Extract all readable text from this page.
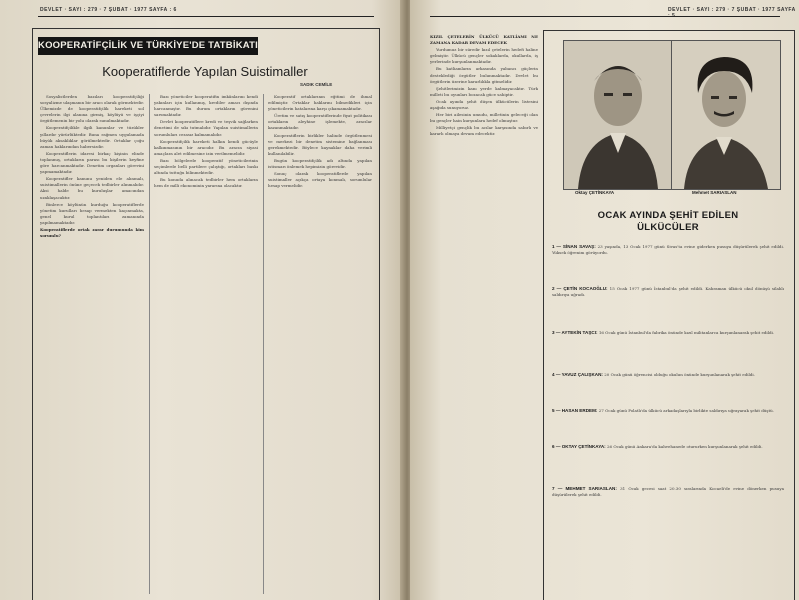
DEVLET · SAYI : 279 · 7 ŞUBAT · 1977 SAYFA : 6
KOOPERATİFÇİLİK VE TÜRKİYE'DE TATBİKATI
Kooperatiflerde Yapılan Suistimaller
SADIK CEMİLE

Sosyalistlerden bazıları kooperatifçiliği sosyalizme ulaşmanın bir aracı olarak görmektedir. Ülkemizde de kooperatifçilik hareketi sol çevrelerin ilgi alanına girmiş, köylüyü ve işçiyi örgütlemenin bir yolu olarak sunulmaktadır.

Kooperatifçilikle ilgili kanunlar ve tüzükler yıllardır yürürlüktedir. Buna rağmen uygulamada büyük aksaklıklar görülmektedir. Ortaklar çoğu zaman haklarından habersizdir.

Kooperatiflerin idaresi birkaç kişinin elinde toplanmış, ortakların parası bu kişilerin keyfine göre harcanmaktadır. Denetim organları görevini yapmamaktadır.

Kooperatifler kanunu yeniden ele alınmalı, suistimallerin önüne geçecek tedbirler alınmalıdır. Aksi halde bu kuruluşlar amacından uzaklaşacaktır.

Binlerce köylünün kurduğu kooperatiflerde yönetim kurulları hesap vermekten kaçınmakta, genel kurul toplantıları zamanında yapılmamaktadır.

Kooperatiflerde ortak zarar durumunda kim sorumlu?

Bazı yöneticiler kooperatifin imkânlarını kendi yakınları için kullanmış, krediler amacı dışında harcanmıştır. Bu durum ortakların güvenini sarsmaktadır.

Devlet kooperatiflere kredi ve teşvik sağlarken denetimi de sıkı tutmalıdır. Yapılan suistimallerin sorumluları cezasız kalmamalıdır.

Kooperatifçilik hareketi halkın kendi gücüyle kalkınmasının bir aracıdır. Bu aracın siyasi amaçlara alet edilmesine izin verilmemelidir.

Bazı bölgelerde kooperatif yöneticilerinin seçimlerde belli partilere çalıştığı, ortakları baskı altında tuttuğu bilinmektedir.

Bu konuda alınacak tedbirler hem ortakların hem de milli ekonominin yararına olacaktır.

Kooperatif ortaklarının eğitimi de ihmal edilmiştir. Ortaklar haklarını bilmedikleri için yöneticilerin hatalarına karşı çıkamamaktadır.

Üretim ve satış kooperatiflerinde fiyat politikası ortakların aleyhine işlemekte, aracılar kazanmaktadır.

Kooperatiflerin birlikler halinde örgütlenmesi ve merkezi bir denetim sistemine bağlanması gerekmektedir. Böylece kaynaklar daha verimli kullanılabilir.

Bugün kooperatifçilik adı altında yapılan istismarı önlemek hepimizin görevidir.

Sonuç olarak kooperatiflerde yapılan suistimaller açıkça ortaya konmalı, sorumlular hesap vermelidir.

DEVLET · SAYI : 279 · 7 ŞUBAT · 1977 SAYFA

KIZIL ÇETELERİN ÜLKÜCÜ KATLİAMI NE ZAMANA KADAR DEVAM EDECEK

Yurdumuz bir süredir kızıl çetelerin hedefi haline gelmiştir. Ülkücü gençler sokaklarda, okullarda, iş yerlerinde kurşunlanmaktadır.

Bu katliamların arkasında yabancı güçlerin desteklediği örgütler bulunmaktadır. Devlet bu örgütlerin üzerine kararlılıkla gitmelidir.

Şehitlerimizin kanı yerde kalmayacaktır. Türk milleti bu oyunları bozacak güce sahiptir.

Ocak ayında şehit düşen ülkücülerin listesini aşağıda sunuyoruz.

Her biri ailesinin umudu, milletinin geleceği olan bu gençler hain kurşunlara hedef olmuştur.

Milliyetçi gençlik bu acılar karşısında sabırlı ve kararlı olmaya devam edecektir.

Oktay ÇETİNKAYA	Mehmet SARIASLAN
OCAK AYINDA ŞEHİT EDİLEN
ÜLKÜCÜLER
1 — SİNAN SAVAŞ: 23 yaşında, 13 Ocak 1977 günü Sivas'ta evine giderken pusuya düşürülerek şehit edildi. Yüksek öğrenim görüyordu.
2 — ÇETİN KOCAOĞLU: 15 Ocak 1977 günü İstanbul'da şehit edildi. Kahraman ülkücü okul dönüşü silahlı saldırıya uğradı.
3 — AYTEKİN TAŞCI: 16 Ocak günü İstanbul'da fabrika önünde kızıl militanlarca kurşunlanarak şehit edildi.
4 — YAVUZ ÇALIŞKAN: 20 Ocak günü öğrencisi olduğu okulun önünde kurşunlanarak şehit edildi.
5 — HASAN ERDEM: 27 Ocak günü Polatlı'da ülkücü arkadaşlarıyla birlikte saldırıya uğrayarak şehit düştü.
6 — OKTAY ÇETİNKAYA: 26 Ocak günü Ankara'da kahvehanede otururken kurşunlanarak şehit edildi.
7 — MEHMET SARIASLAN: 31 Ocak gecesi saat 20.30 sıralarında Kocaeli'de evine dönerken pusuya düşürülerek şehit edildi.
